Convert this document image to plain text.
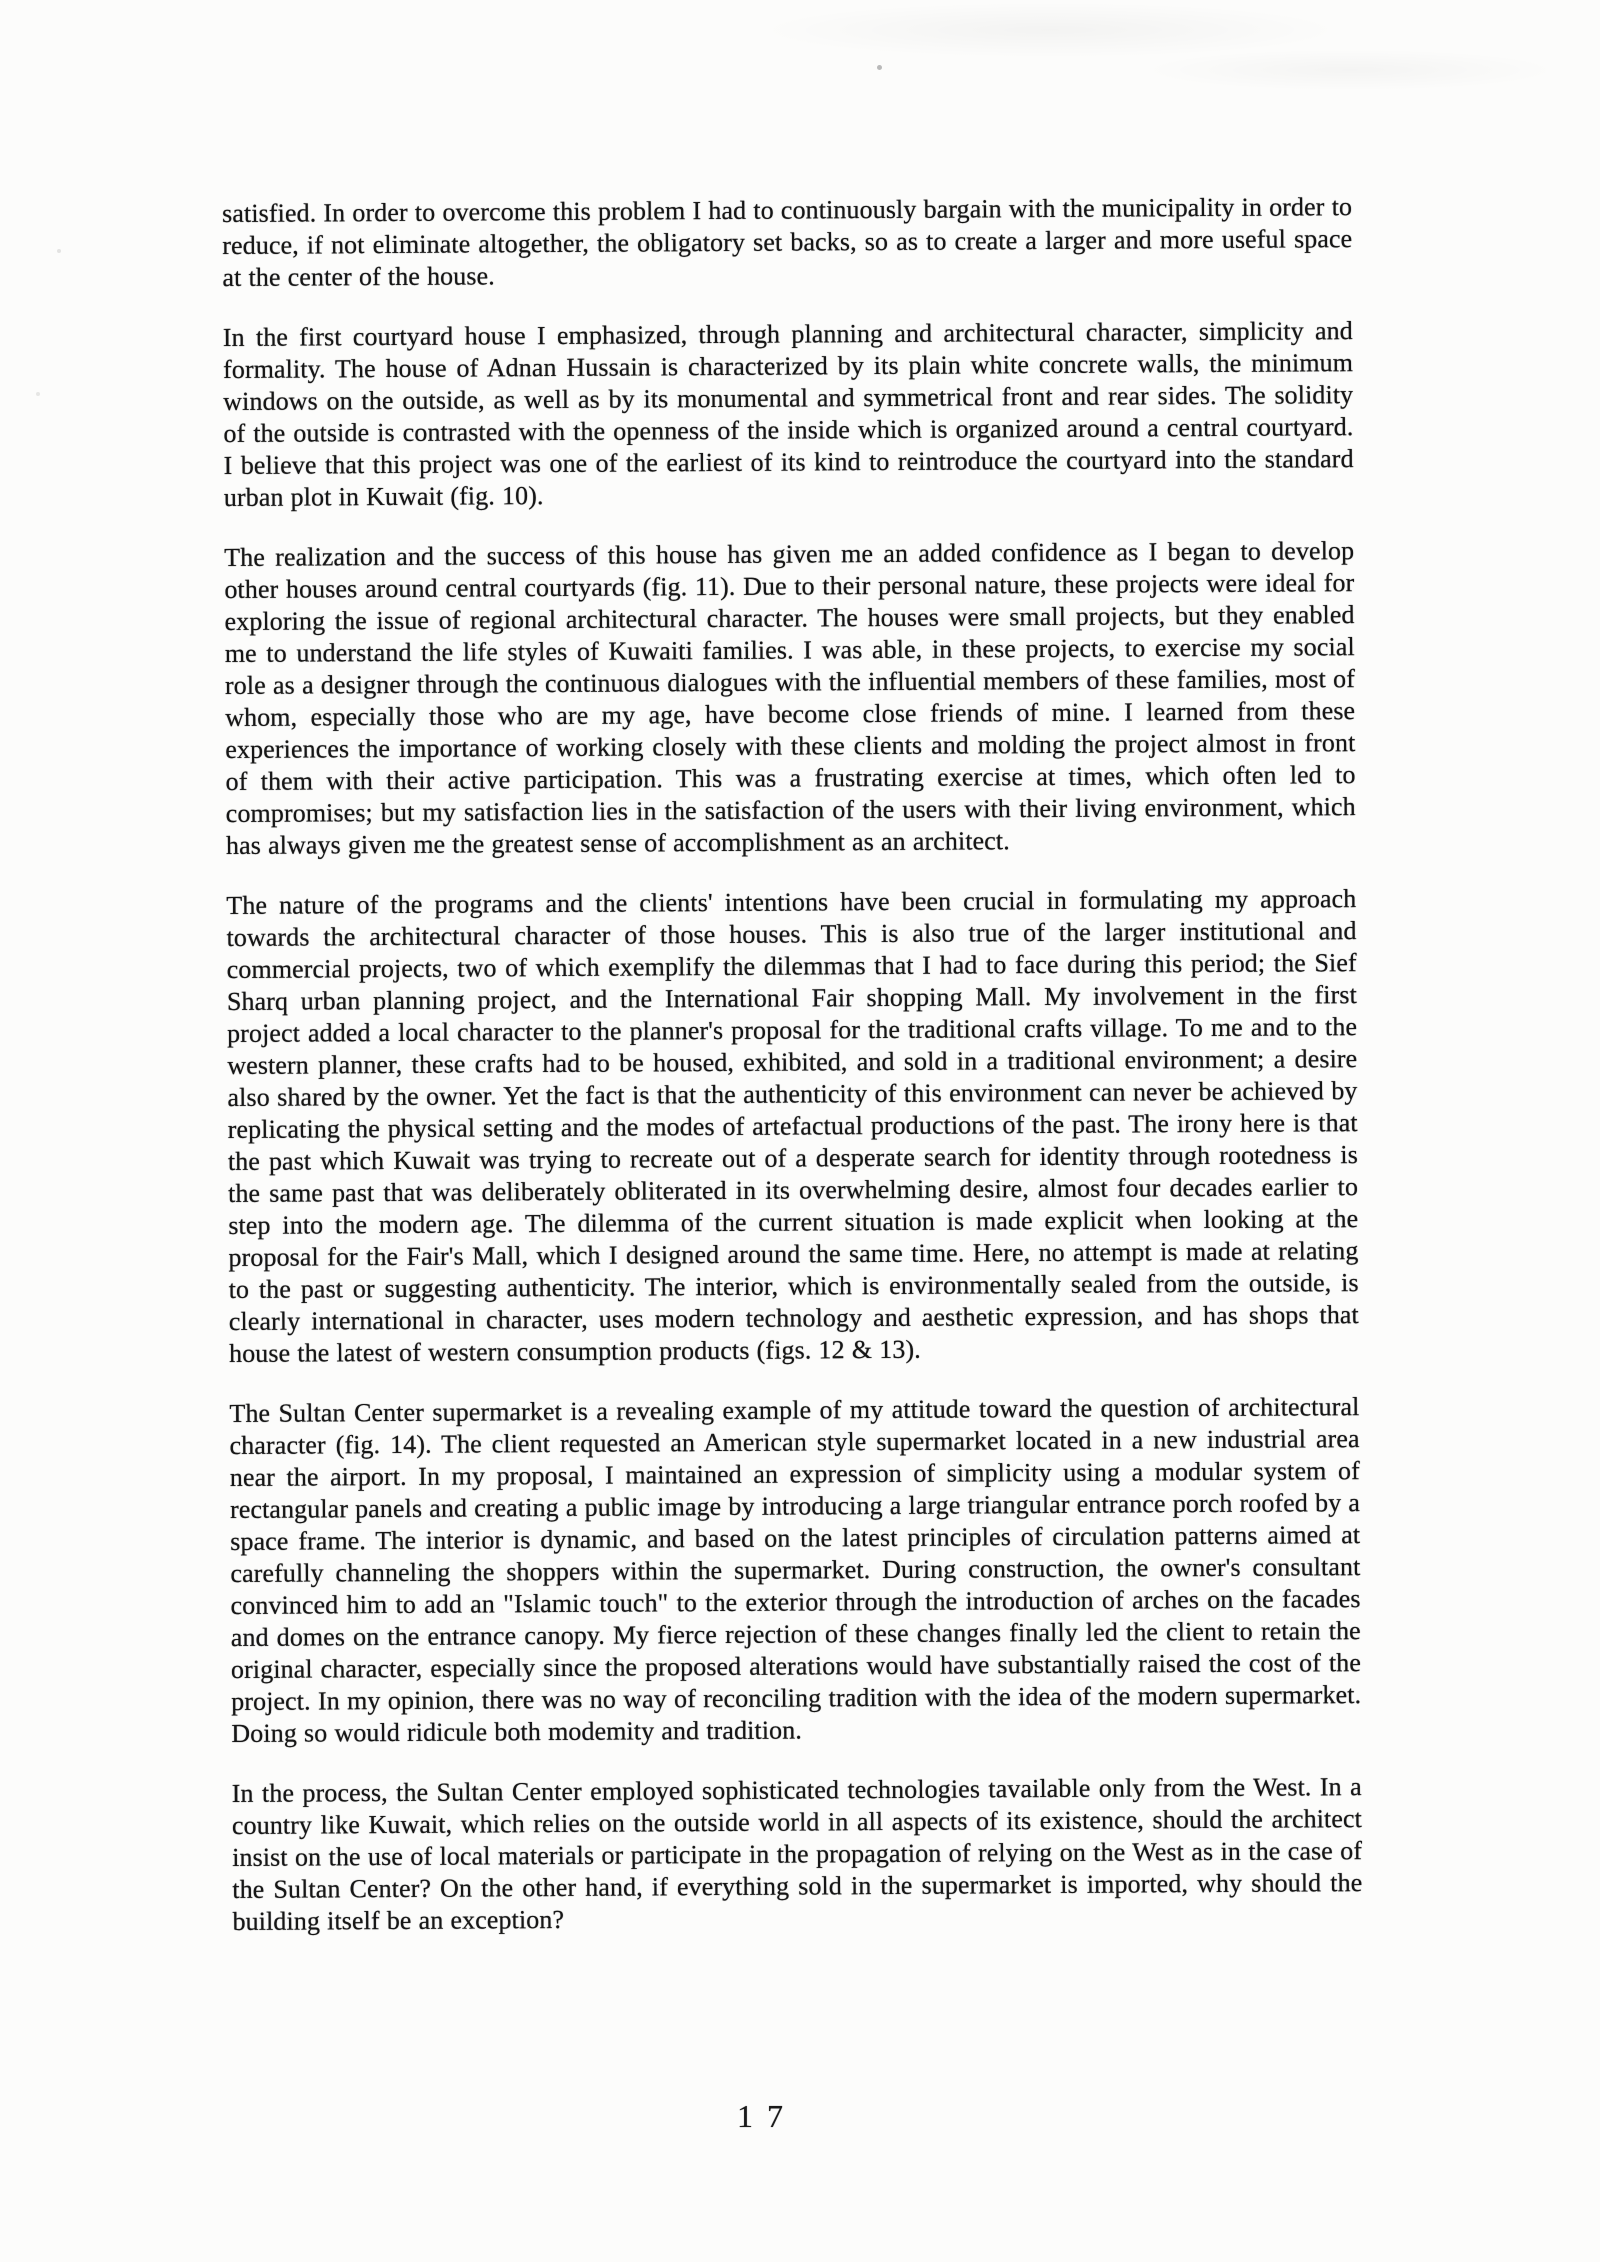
satisfied. In order to overcome this problem I had to continuously bargain with the municipality in order to reduce, if not eliminate altogether, the obligatory set backs, so as to create a larger and more useful space at the center of the house.

In the first courtyard house I emphasized, through planning and architectural character, simplicity and formality. The house of Adnan Hussain is characterized by its plain white concrete walls, the minimum windows on the outside, as well as by its monumental and symmetrical front and rear sides. The solidity of the outside is contrasted with the openness of the inside which is organized around a central courtyard. I believe that this project was one of the earliest of its kind to reintroduce the courtyard into the standard urban plot in Kuwait (fig. 10).

The realization and the success of this house has given me an added confidence as I began to develop other houses around central courtyards (fig. 11). Due to their personal nature, these projects were ideal for exploring the issue of regional architectural character. The houses were small projects, but they enabled me to understand the life styles of Kuwaiti families. I was able, in these projects, to exercise my social role as a designer through the continuous dialogues with the influential members of these families, most of whom, especially those who are my age, have become close friends of mine. I learned from these experiences the importance of working closely with these clients and molding the project almost in front of them with their active participation. This was a frustrating exercise at times, which often led to compromises; but my satisfaction lies in the satisfaction of the users with their living environment, which has always given me the greatest sense of accomplishment as an architect.

The nature of the programs and the clients' intentions have been crucial in formulating my approach towards the architectural character of those houses. This is also true of the larger institutional and commercial projects, two of which exemplify the dilemmas that I had to face during this period; the Sief Sharq urban planning project, and the International Fair shopping Mall. My involvement in the first project added a local character to the planner's proposal for the traditional crafts village. To me and to the western planner, these crafts had to be housed, exhibited, and sold in a traditional environment; a desire also shared by the owner. Yet the fact is that the authenticity of this environment can never be achieved by replicating the physical setting and the modes of artefactual productions of the past. The irony here is that the past which Kuwait was trying to recreate out of a desperate search for identity through rootedness is the same past that was deliberately obliterated in its overwhelming desire, almost four decades earlier to step into the modern age. The dilemma of the current situation is made explicit when looking at the proposal for the Fair's Mall, which I designed around the same time. Here, no attempt is made at relating to the past or suggesting authenticity. The interior, which is environmentally sealed from the outside, is clearly international in character, uses modern technology and aesthetic expression, and has shops that house the latest of western consumption products (figs. 12 & 13).

The Sultan Center supermarket is a revealing example of my attitude toward the question of architectural character (fig. 14). The client requested an American style supermarket located in a new industrial area near the airport. In my proposal, I maintained an expression of simplicity using a modular system of rectangular panels and creating a public image by introducing a large triangular entrance porch roofed by a space frame. The interior is dynamic, and based on the latest principles of circulation patterns aimed at carefully channeling the shoppers within the supermarket. During construction, the owner's consultant convinced him to add an "Islamic touch" to the exterior through the introduction of arches on the facades and domes on the entrance canopy. My fierce rejection of these changes finally led the client to retain the original character, especially since the proposed alterations would have substantially raised the cost of the project. In my opinion, there was no way of reconciling tradition with the idea of the modern supermarket. Doing so would ridicule both modemity and tradition.

In the process, the Sultan Center employed sophisticated technologies tavailable only from the West. In a country like Kuwait, which relies on the outside world in all aspects of its existence, should the architect insist on the use of local materials or participate in the propagation of relying on the West as in the case of the Sultan Center? On the other hand, if everything sold in the supermarket is imported, why should the building itself be an exception?

17
